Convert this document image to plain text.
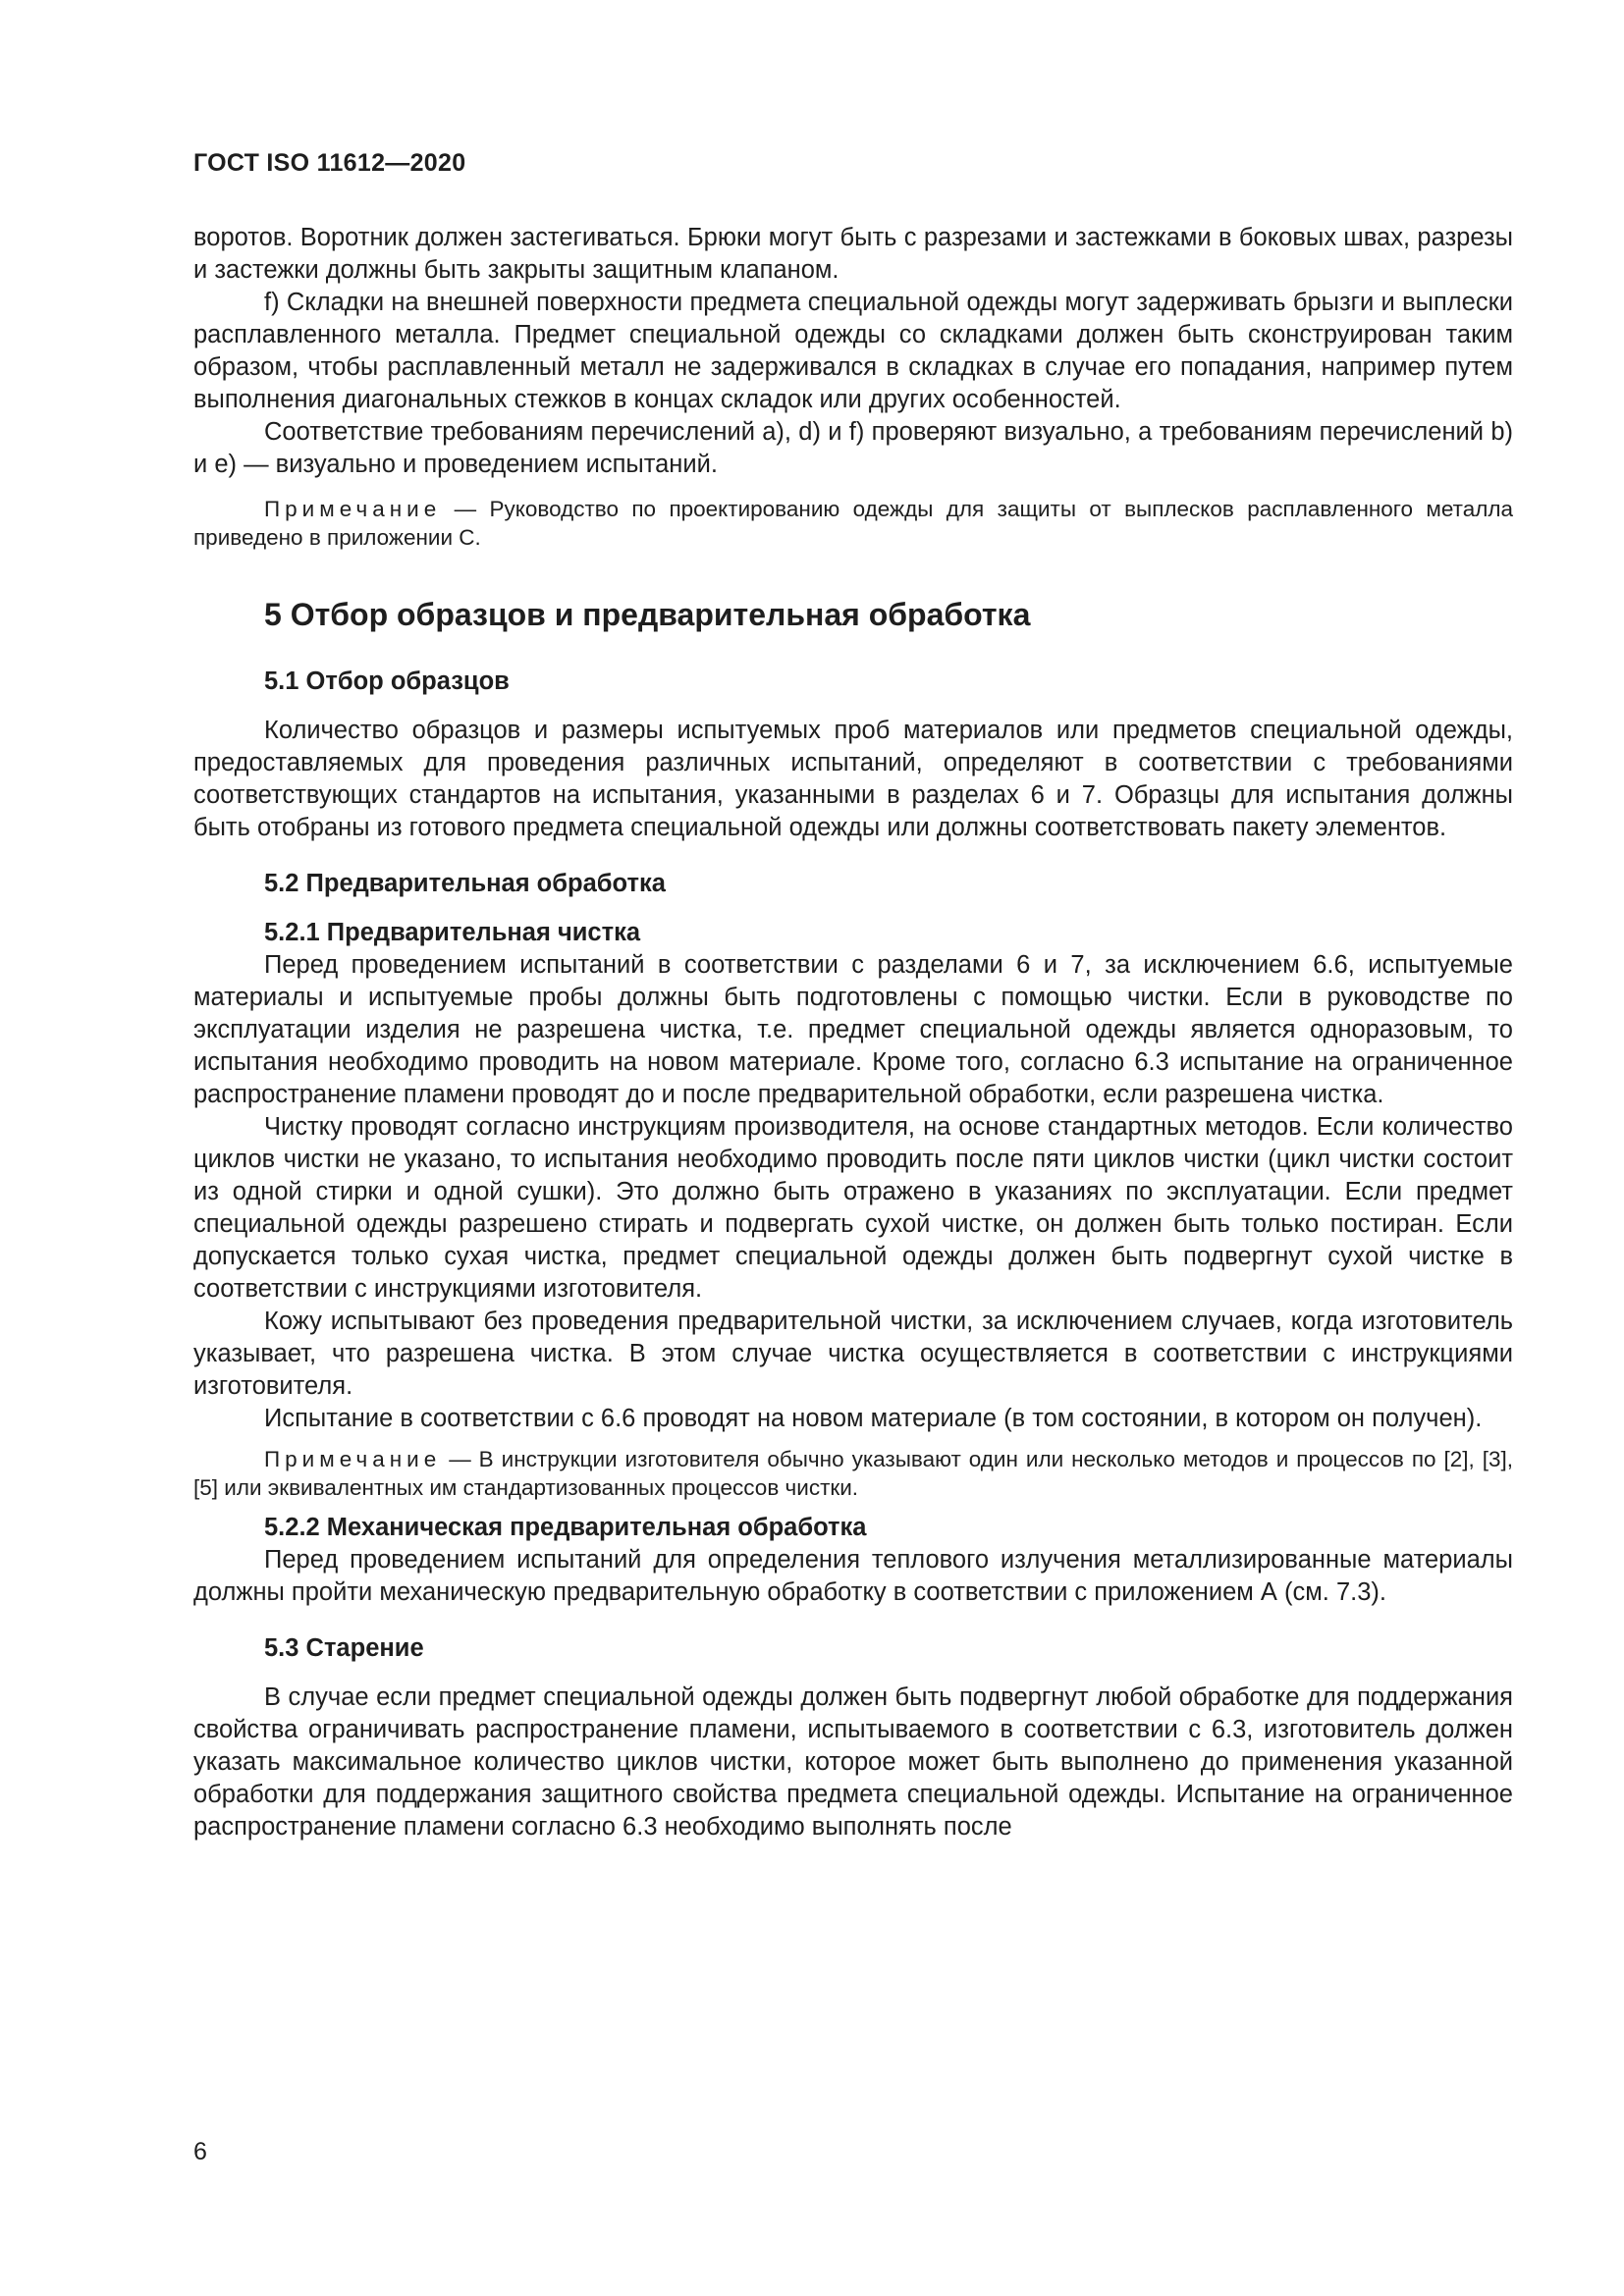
ГОСТ ISO 11612—2020

воротов. Воротник должен застегиваться. Брюки могут быть с разрезами и застежками в боковых швах, разрезы и застежки должны быть закрыты защитным клапаном.

f) Складки на внешней поверхности предмета специальной одежды могут задерживать брызги и выплески расплавленного металла. Предмет специальной одежды со складками должен быть сконструирован таким образом, чтобы расплавленный металл не задерживался в складках в случае его попадания, например путем выполнения диагональных стежков в концах складок или других особенностей.

Соответствие требованиям перечислений а), d) и f) проверяют визуально, а требованиям перечислений b) и е) — визуально и проведением испытаний.

Примечание — Руководство по проектированию одежды для защиты от выплесков расплавленного металла приведено в приложении С.

5 Отбор образцов и предварительная обработка
5.1 Отбор образцов

Количество образцов и размеры испытуемых проб материалов или предметов специальной одежды, предоставляемых для проведения различных испытаний, определяют в соответствии с требованиями соответствующих стандартов на испытания, указанными в разделах 6 и 7. Образцы для испытания должны быть отобраны из готового предмета специальной одежды или должны соответствовать пакету элементов.

5.2 Предварительная обработка
5.2.1 Предварительная чистка

Перед проведением испытаний в соответствии с разделами 6 и 7, за исключением 6.6, испытуемые материалы и испытуемые пробы должны быть подготовлены с помощью чистки. Если в руководстве по эксплуатации изделия не разрешена чистка, т.е. предмет специальной одежды является одноразовым, то испытания необходимо проводить на новом материале. Кроме того, согласно 6.3 испытание на ограниченное распространение пламени проводят до и после предварительной обработки, если разрешена чистка.

Чистку проводят согласно инструкциям производителя, на основе стандартных методов. Если количество циклов чистки не указано, то испытания необходимо проводить после пяти циклов чистки (цикл чистки состоит из одной стирки и одной сушки). Это должно быть отражено в указаниях по эксплуатации. Если предмет специальной одежды разрешено стирать и подвергать сухой чистке, он должен быть только постиран. Если допускается только сухая чистка, предмет специальной одежды должен быть подвергнут сухой чистке в соответствии с инструкциями изготовителя.

Кожу испытывают без проведения предварительной чистки, за исключением случаев, когда изготовитель указывает, что разрешена чистка. В этом случае чистка осуществляется в соответствии с инструкциями изготовителя.

Испытание в соответствии с 6.6 проводят на новом материале (в том состоянии, в котором он получен).

Примечание — В инструкции изготовителя обычно указывают один или несколько методов и процессов по [2], [3], [5] или эквивалентных им стандартизованных процессов чистки.

5.2.2 Механическая предварительная обработка

Перед проведением испытаний для определения теплового излучения металлизированные материалы должны пройти механическую предварительную обработку в соответствии с приложением А (см. 7.3).

5.3 Старение

В случае если предмет специальной одежды должен быть подвергнут любой обработке для поддержания свойства ограничивать распространение пламени, испытываемого в соответствии с 6.3, изготовитель должен указать максимальное количество циклов чистки, которое может быть выполнено до применения указанной обработки для поддержания защитного свойства предмета специальной одежды. Испытание на ограниченное распространение пламени согласно 6.3 необходимо выполнять после

6
